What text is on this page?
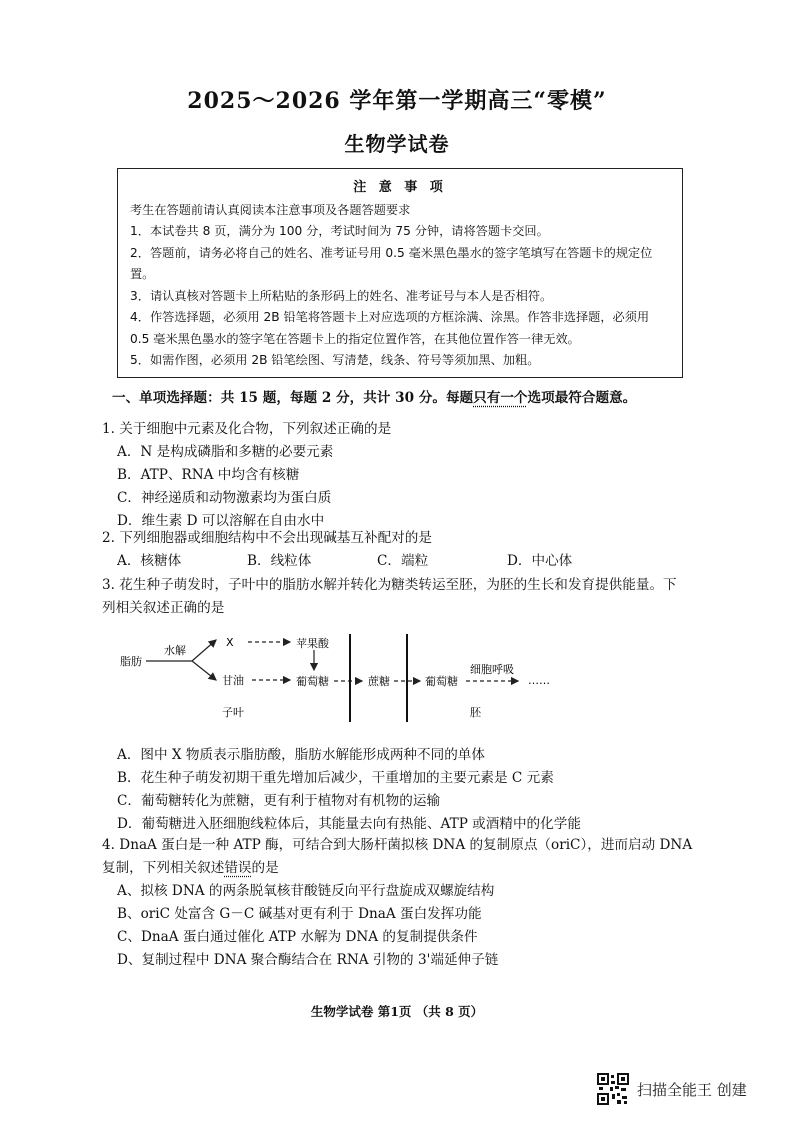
2025～2026 学年第一学期高三“零模”
生物学试卷
注 意 事 项
考生在答题前请认真阅读本注意事项及各题答题要求
1．本试卷共 8 页，满分为 100 分，考试时间为 75 分钟，请将答题卡交回。
2．答题前，请务必将自己的姓名、准考证号用 0.5 毫米黑色墨水的签字笔填写在答题卡的规定位置。
3．请认真核对答题卡上所粘贴的条形码上的姓名、准考证号与本人是否相符。
4．作答选择题，必须用 2B 铅笔将答题卡上对应选项的方框涂满、涂黑。作答非选择题，必须用 0.5 毫米黑色墨水的签字笔在答题卡上的指定位置作答，在其他位置作答一律无效。
5．如需作图，必须用 2B 铅笔绘图、写清楚，线条、符号等须加黑、加粗。
一、单项选择题：共 15 题，每题 2 分，共计 30 分。每题只有一个选项最符合题意。
1. 关于细胞中元素及化合物，下列叙述正确的是
A．N 是构成磷脂和多糖的必要元素
B．ATP、RNA 中均含有核糖
C．神经递质和动物激素均为蛋白质
D．维生素 D 可以溶解在自由水中
2. 下列细胞器或细胞结构中不会出现碱基互补配对的是
A．核糖体	B．线粒体	C．端粒	D．中心体
3. 花生种子萌发时，子叶中的脂肪水解并转化为糖类转运至胚，为胚的生长和发育提供能量。下
列相关叙述正确的是
脂肪
水解
X	苹果酸
甘油	葡萄糖	蔗糖	葡萄糖
细胞呼吸
……
子叶	胚
A．图中 X 物质表示脂肪酸，脂肪水解能形成两种不同的单体
B．花生种子萌发初期干重先增加后减少，干重增加的主要元素是 C 元素
C．葡萄糖转化为蔗糖，更有利于植物对有机物的运输
D．葡萄糖进入胚细胞线粒体后，其能量去向有热能、ATP 或酒精中的化学能
4. DnaA 蛋白是一种 ATP 酶，可结合到大肠杆菌拟核 DNA 的复制原点（oriC），进而启动 DNA
复制，下列相关叙述错误的是
A、拟核 DNA 的两条脱氧核苷酸链反向平行盘旋成双螺旋结构
B、oriC 处富含 G－C 碱基对更有利于 DnaA 蛋白发挥功能
C、DnaA 蛋白通过催化 ATP 水解为 DNA 的复制提供条件
D、复制过程中 DNA 聚合酶结合在 RNA 引物的 3'端延伸子链
生物学试卷 第1页 （共 8 页）
扫描全能王 创建
